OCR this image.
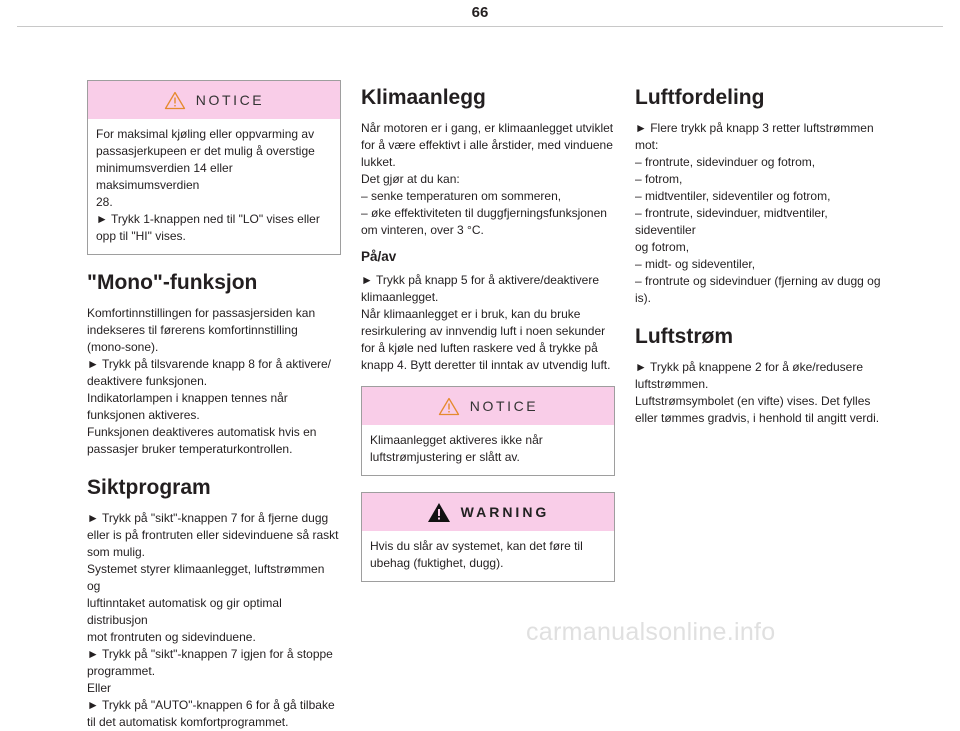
66
NOTICE
For maksimal kjøling eller oppvarming av
passasjerkupeen er det mulig å overstige
minimumsverdien 14 eller maksimumsverdien
28.
► Trykk 1-knappen ned til "LO" vises eller
opp til "HI" vises.
"Mono"-funksjon
Komfortinnstillingen for passasjersiden kan
indekseres til førerens komfortinnstilling
(mono-sone).
► Trykk på tilsvarende knapp 8 for å aktivere/
deaktivere funksjonen.
Indikatorlampen i knappen tennes når
funksjonen aktiveres.
Funksjonen deaktiveres automatisk hvis en
passasjer bruker temperaturkontrollen.
Siktprogram
► Trykk på "sikt"-knappen 7 for å fjerne dugg
eller is på frontruten eller sidevinduene så raskt
som mulig.
Systemet styrer klimaanlegget, luftstrømmen og
luftinntaket automatisk og gir optimal distribusjon
mot frontruten og sidevinduene.
► Trykk på "sikt"-knappen 7 igjen for å stoppe
programmet.
Eller
► Trykk på "AUTO"-knappen 6 for å gå tilbake
til det automatisk komfortprogrammet.
Klimaanlegg
Når motoren er i gang, er klimaanlegget utviklet
for å være effektivt i alle årstider, med vinduene
lukket.
Det gjør at du kan:
– senke temperaturen om sommeren,
– øke effektiviteten til duggfjerningsfunksjonen
om vinteren, over 3 °C.
På/av
► Trykk på knapp 5 for å aktivere/deaktivere
klimaanlegget.
Når klimaanlegget er i bruk, kan du bruke
resirkulering av innvendig luft i noen sekunder
for å kjøle ned luften raskere ved å trykke på
knapp 4. Bytt deretter til inntak av utvendig luft.
NOTICE
Klimaanlegget aktiveres ikke når
luftstrømjustering er slått av.
WARNING
Hvis du slår av systemet, kan det føre til
ubehag (fuktighet, dugg).
Luftfordeling
► Flere trykk på knapp 3 retter luftstrømmen
mot:
– frontrute, sidevinduer og fotrom,
– fotrom,
– midtventiler, sideventiler og fotrom,
– frontrute, sidevinduer, midtventiler, sideventiler
og fotrom,
– midt- og sideventiler,
– frontrute og sidevinduer (fjerning av dugg og
is).
Luftstrøm
► Trykk på knappene 2 for å øke/redusere
luftstrømmen.
Luftstrømsymbolet (en vifte) vises. Det fylles
eller tømmes gradvis, i henhold til angitt verdi.
carmanualsonline.info
